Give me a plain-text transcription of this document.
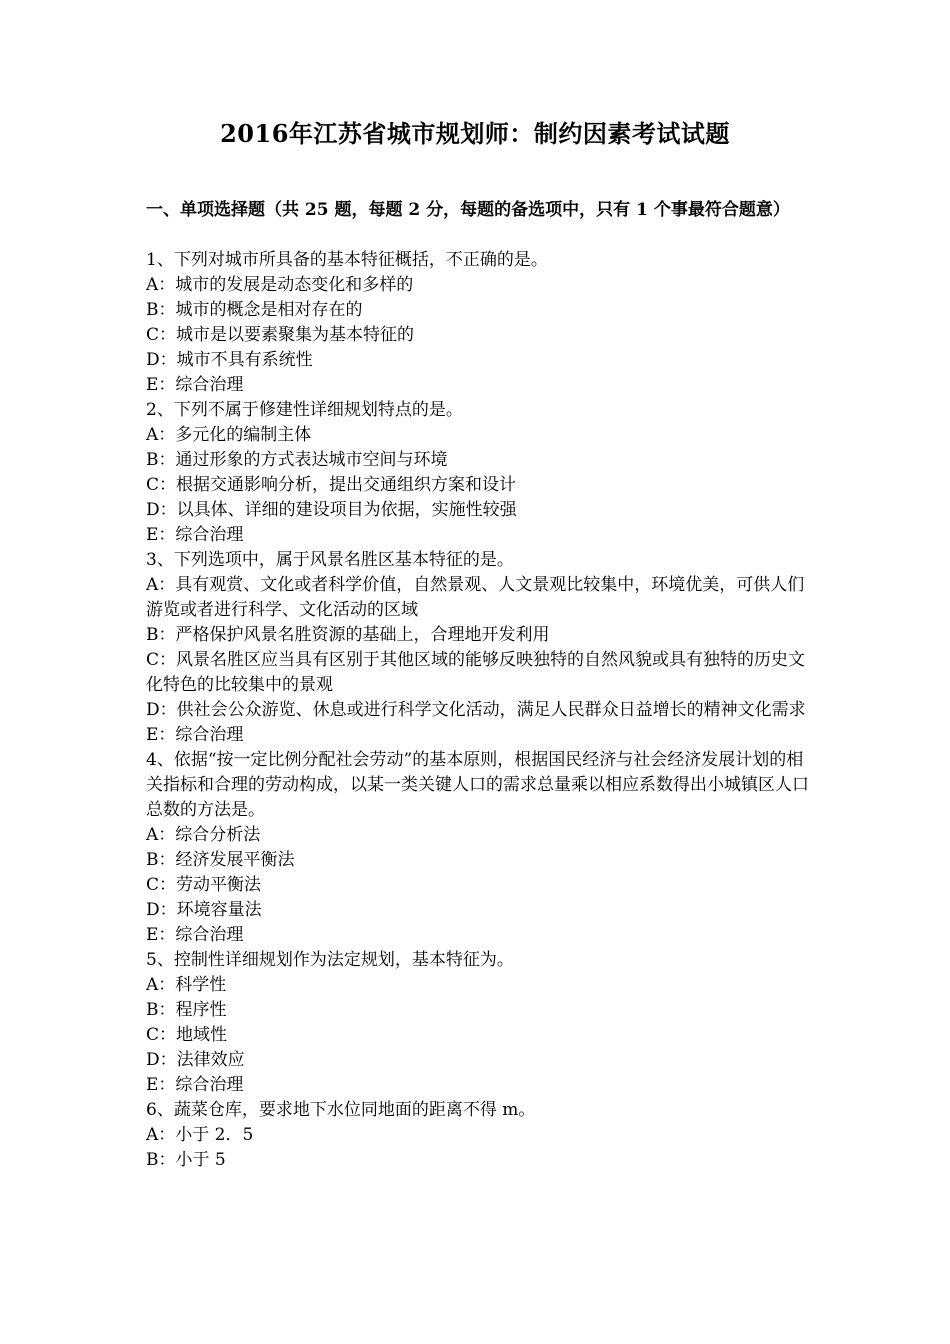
2016年江苏省城市规划师：制约因素考试试题
一、单项选择题（共 25 题，每题 2 分，每题的备选项中，只有 1 个事最符合题意）
1、下列对城市所具备的基本特征概括，不正确的是。
A：城市的发展是动态变化和多样的
B：城市的概念是相对存在的
C：城市是以要素聚集为基本特征的
D：城市不具有系统性
E：综合治理
2、下列不属于修建性详细规划特点的是。
A：多元化的编制主体
B：通过形象的方式表达城市空间与环境
C：根据交通影响分析，提出交通组织方案和设计
D：以具体、详细的建设项目为依据，实施性较强
E：综合治理
3、下列选项中，属于风景名胜区基本特征的是。
A：具有观赏、文化或者科学价值，自然景观、人文景观比较集中，环境优美，可供人们游览或者进行科学、文化活动的区域
B：严格保护风景名胜资源的基础上，合理地开发利用
C：风景名胜区应当具有区别于其他区域的能够反映独特的自然风貌或具有独特的历史文化特色的比较集中的景观
D：供社会公众游览、休息或进行科学文化活动，满足人民群众日益增长的精神文化需求
E：综合治理
4、依据“按一定比例分配社会劳动”的基本原则，根据国民经济与社会经济发展计划的相关指标和合理的劳动构成，以某一类关键人口的需求总量乘以相应系数得出小城镇区人口总数的方法是。
A：综合分析法
B：经济发展平衡法
C：劳动平衡法
D：环境容量法
E：综合治理
5、控制性详细规划作为法定规划，基本特征为。
A：科学性
B：程序性
C：地域性
D：法律效应
E：综合治理
6、蔬菜仓库，要求地下水位同地面的距离不得 m。
A：小于 2．5
B：小于 5
